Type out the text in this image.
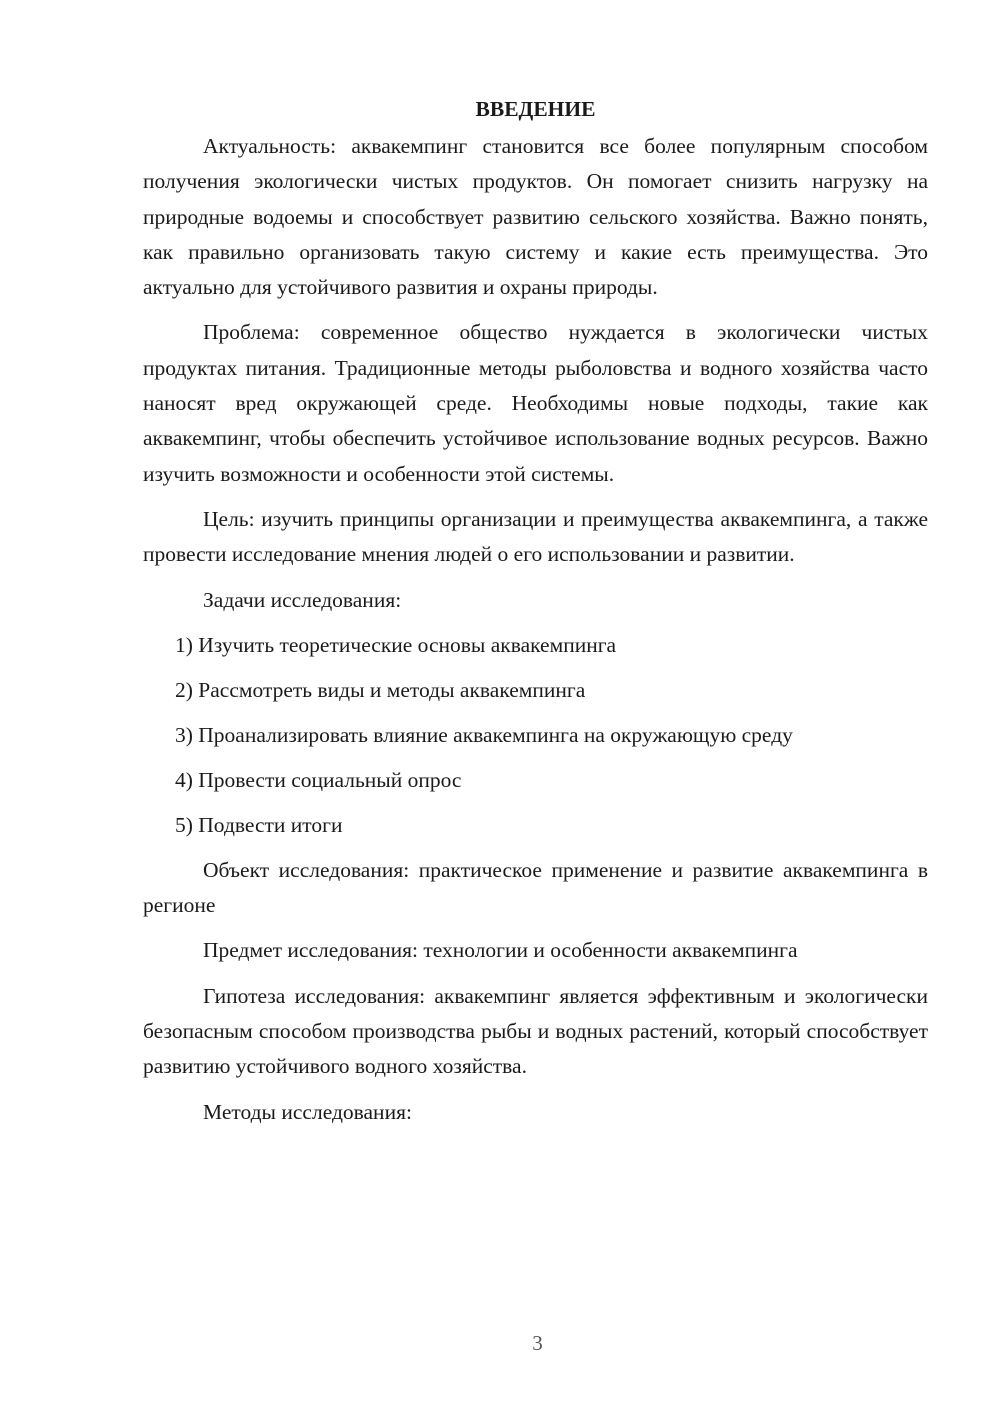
ВВЕДЕНИЕ

Актуальность: аквакемпинг становится все более популярным способом получения экологически чистых продуктов. Он помогает снизить нагрузку на природные водоемы и способствует развитию сельского хозяйства. Важно понять, как правильно организовать такую систему и какие есть преимущества. Это актуально для устойчивого развития и охраны природы.

Проблема: современное общество нуждается в экологически чистых продуктах питания. Традиционные методы рыболовства и водного хозяйства часто наносят вред окружающей среде. Необходимы новые подходы, такие как аквакемпинг, чтобы обеспечить устойчивое использование водных ресурсов. Важно изучить возможности и особенности этой системы.

Цель: изучить принципы организации и преимущества аквакемпинга, а также провести исследование мнения людей о его использовании и развитии.

Задачи исследования:

1) Изучить теоретические основы аквакемпинга
2) Рассмотреть виды и методы аквакемпинга
3) Проанализировать влияние аквакемпинга на окружающую среду
4) Провести социальный опрос
5) Подвести итоги

Объект исследования: практическое применение и развитие аквакемпинга в регионе

Предмет исследования: технологии и особенности аквакемпинга

Гипотеза исследования: аквакемпинг является эффективным и экологически безопасным способом производства рыбы и водных растений, который способствует развитию устойчивого водного хозяйства.

Методы исследования:

3
